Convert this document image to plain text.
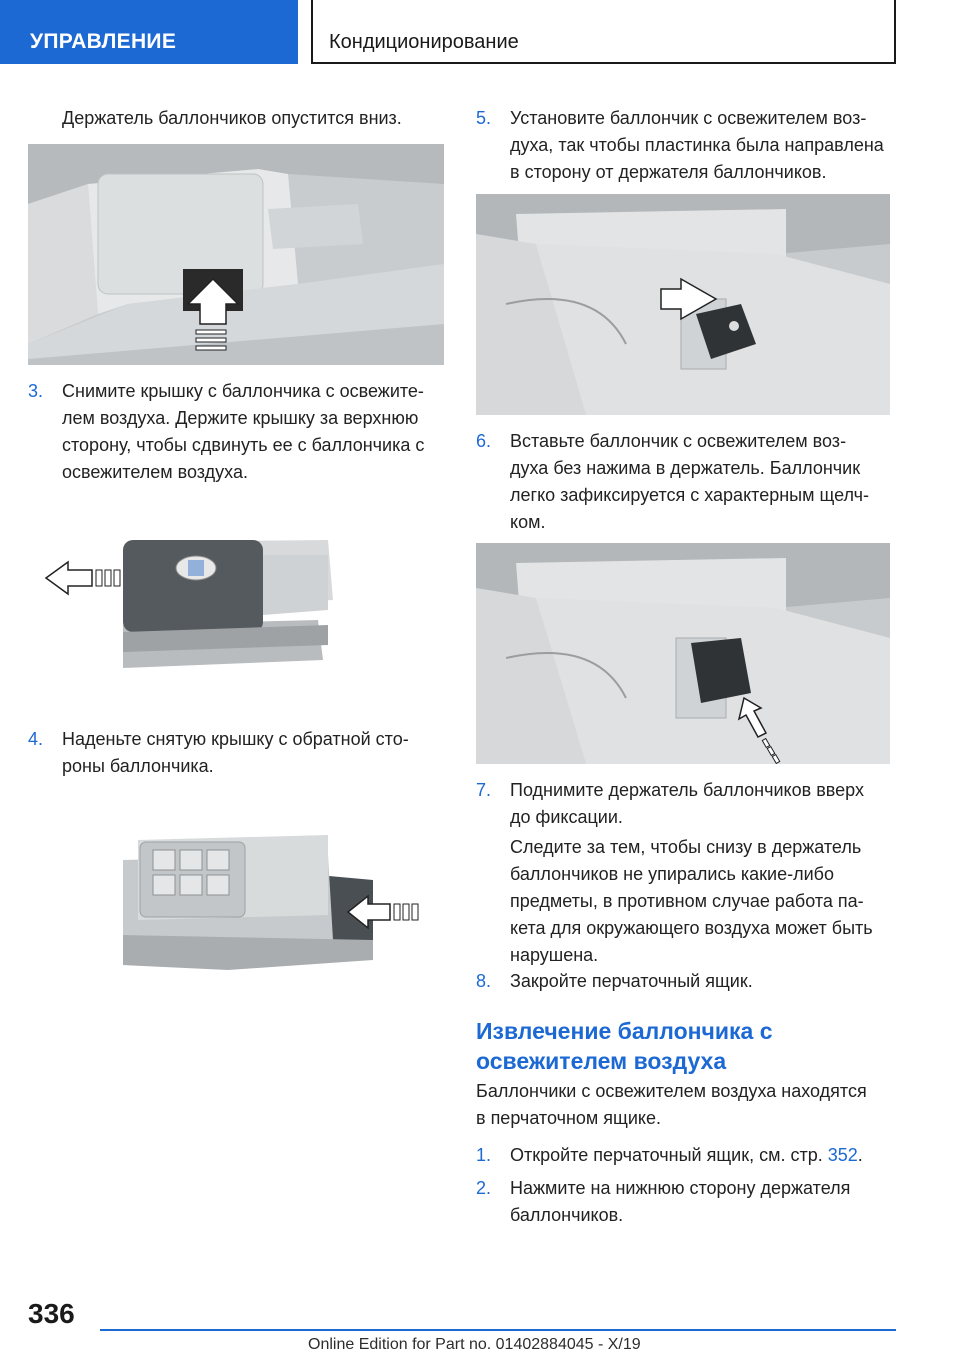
УПРАВЛЕНИЕ	Кондиционирование
Держатель баллончиков опустится вниз.
3.	Снимите крышку с баллончика с освежите-
лем воздуха. Держите крышку за верхнюю
сторону, чтобы сдвинуть ее с баллончика с
освежителем воздуха.
4.	Наденьте снятую крышку с обратной сто-
роны баллончика.
5.	Установите баллончик с освежителем воз-
духа, так чтобы пластинка была направлена
в сторону от держателя баллончиков.
6.	Вставьте баллончик с освежителем воз-
духа без нажима в держатель. Баллончик
легко зафиксируется с характерным щелч-
ком.
7.	Поднимите держатель баллончиков вверх
до фиксации.
Следите за тем, чтобы снизу в держатель
баллончиков не упирались какие-либо
предметы, в противном случае работа па-
кета для окружающего воздуха может быть
нарушена.
8.	Закройте перчаточный ящик.
Извлечение баллончика с
освежителем воздуха
Баллончики с освежителем воздуха находятся
в перчаточном ящике.
1.	Откройте перчаточный ящик, см. стр. 352.
2.	Нажмите на нижнюю сторону держателя
баллончиков.
336
Online Edition for Part no. 01402884045 - X/19
